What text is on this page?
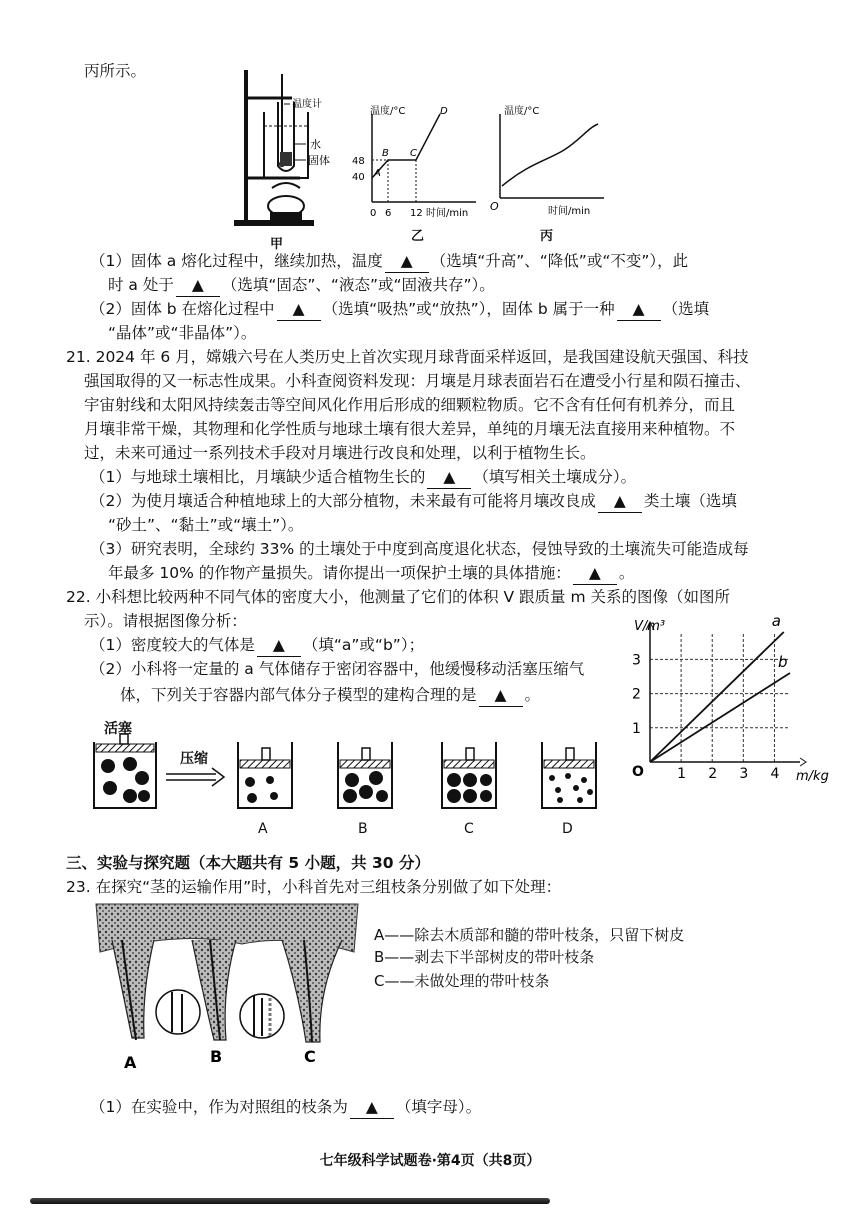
丙所示。
温度计
水
固体
甲
温度/°C
时间/min
48
40
0 6 12
A
B C
D
乙
温度/°C
时间/min
O
丙
（1）固体 a 熔化过程中，继续加热，温度 ▲ （选填“升高”、“降低”或“不变”），此
时 a 处于 ▲ （选填“固态”、“液态”或“固液共存”）。
（2）固体 b 在熔化过程中 ▲ （选填“吸热”或“放热”），固体 b 属于一种 ▲ （选填
“晶体”或“非晶体”）。
21. 2024 年 6 月，嫦娥六号在人类历史上首次实现月球背面采样返回，是我国建设航天强国、科技
强国取得的又一标志性成果。小科查阅资料发现：月壤是月球表面岩石在遭受小行星和陨石撞击、
宇宙射线和太阳风持续轰击等空间风化作用后形成的细颗粒物质。它不含有任何有机养分，而且
月壤非常干燥，其物理和化学性质与地球土壤有很大差异，单纯的月壤无法直接用来种植物。不
过，未来可通过一系列技术手段对月壤进行改良和处理，以利于植物生长。
（1）与地球土壤相比，月壤缺少适合植物生长的 ▲ （填写相关土壤成分）。
（2）为使月壤适合种植地球上的大部分植物，未来最有可能将月壤改良成 ▲ 类土壤（选填
“砂土”、“黏土”或“壤土”）。
（3）研究表明，全球约 33% 的土壤处于中度到高度退化状态，侵蚀导致的土壤流失可能造成每
年最多 10% 的作物产量损失。请你提出一项保护土壤的具体措施： ▲ 。
22. 小科想比较两种不同气体的密度大小，他测量了它们的体积 V 跟质量 m 关系的图像（如图所
示）。请根据图像分析：
（1）密度较大的气体是 ▲ （填“a”或“b”）；
（2）小科将一定量的 a 气体储存于密闭容器中，他缓慢移动活塞压缩气
体，下列关于容器内部气体分子模型的建构合理的是 ▲ 。
1 2 3 4
1
2
3
O	m/kg
V/m³	a
b
活塞
压缩
A	B	C	D
三、实验与探究题（本大题共有 5 小题，共 30 分）
23. 在探究“茎的运输作用”时，小科首先对三组枝条分别做了如下处理：
A	B	C
A——除去木质部和髓的带叶枝条，只留下树皮
B——剥去下半部树皮的带叶枝条
C——未做处理的带叶枝条
（1）在实验中，作为对照组的枝条为 ▲ （填字母）。
七年级科学试题卷·第4页（共8页）
